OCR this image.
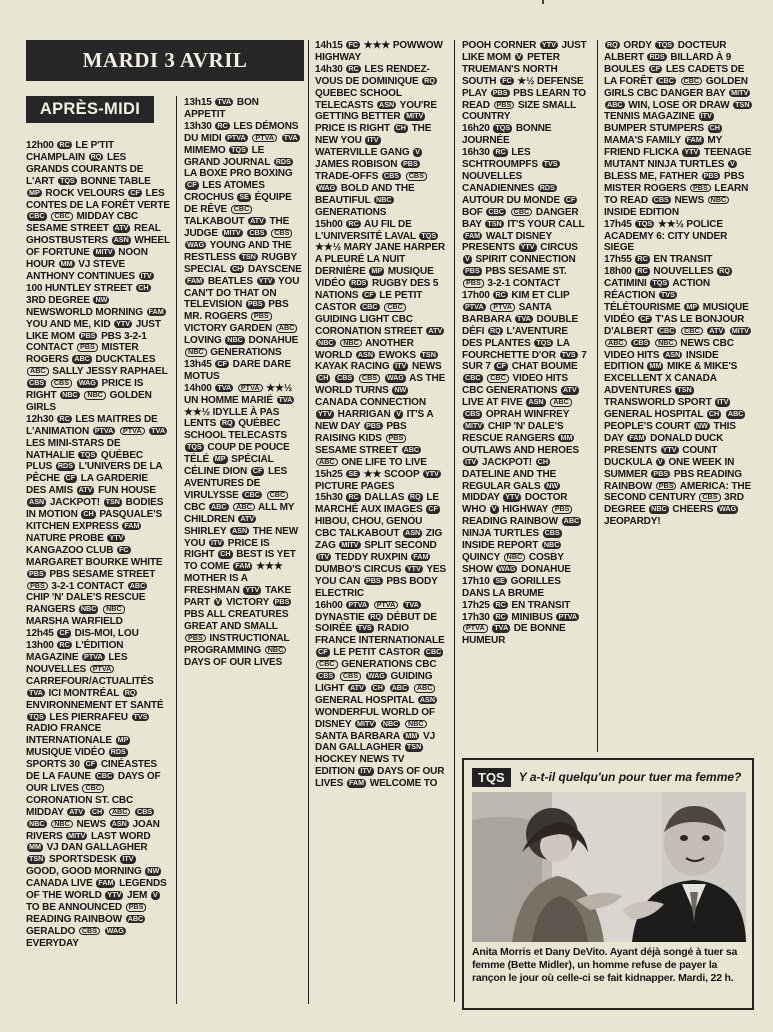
MARDI 3 AVRIL
APRÈS-MIDI

12h00 RC LE P'TIT CHAMPLAIN RQ LES GRANDS COURANTS DE L'ART TQS BONNE TABLE MP ROCK VELOURS CF LES CONTES DE LA FORÊT VERTE CBC CBC MIDDAY CBC SESAME STREET ATV REAL GHOSTBUSTERS ASN WHEEL OF FORTUNE MITV NOON HOUR MM VJ STEVE ANTHONY CONTINUES ITV 100 HUNTLEY STREET CH 3RD DEGREE NW NEWSWORLD MORNING FAM YOU AND ME, KID YTV JUST LIKE MOM PBS PBS 3-2-1 CONTACT PBS MISTER ROGERS ABC DUCKTALES ABC SALLY JESSY RAPHAEL CBS CBS WAG PRICE IS RIGHT NBC NBC GOLDEN GIRLS

12h30 RC LES MAITRES DE L'ANIMATION PTVA PTVA TVA LES MINI-STARS DE NATHALIE TQS QUÉBEC PLUS RDS L'UNIVERS DE LA PÊCHE CF LA GARDERIE DES AMIS ATV FUN HOUSE ASN JACKPOT! TSN BODIES IN MOTION CH PASQUALE'S KITCHEN EXPRESS FAM NATURE PROBE YTV KANGAZOO CLUB FC MARGARET BOURKE WHITE PBS PBS SESAME STREET PBS 3-2-1 CONTACT ABC CHIP 'N' DALE'S RESCUE RANGERS NBC NBC MARSHA WARFIELD

12h45 CF DIS-MOI, LOU

13h00 RC L'ÉDITION MAGAZINE PTVA LES NOUVELLES PTVA CARREFOUR/ACTUALITÉS TVA ICI MONTRÉAL RQ ENVIRONNEMENT ET SANTÉ TQS LES PIERRAFEU TVS RADIO FRANCE INTERNATIONALE MP MUSIQUE VIDÉO RDS SPORTS 30 CF CINÉASTES DE LA FAUNE CBC DAYS OF OUR LIVES CBC CORONATION ST. CBC MIDDAY ATV CH ABC CBS NBC NBC NEWS ASN JOAN RIVERS MITV LAST WORD MM VJ DAN GALLAGHER TSN SPORTSDESK ITV GOOD, GOOD MORNING NW CANADA LIVE FAM LEGENDS OF THE WORLD YTV JEM V TO BE ANNOUNCED PBS READING RAINBOW ABC GERALDO CBS WAG EVERYDAY

13h15 TVA BON APPETIT

13h30 RC LES DÉMONS DU MIDI PTVA PTVA TVA MIMEMO TQS LE GRAND JOURNAL RDS LA BOXE PRO BOXING CF LES ATOMES CROCHUS SE ÉQUIPE DE RÊVE CBC TALKABOUT ATV THE JUDGE MITV CBS CBS WAG YOUNG AND THE RESTLESS TSN RUGBY SPECIAL CH DAYSCENE FAM BEATLES YTV YOU CAN'T DO THAT ON TELEVISION PBS PBS MR. ROGERS PBS VICTORY GARDEN ABC LOVING NBC DONAHUE NBC GENERATIONS

13h45 CF DARE DARE MOTUS

14h00 TVA PTVA ★★½ UN HOMME MARIÉ TVA ★★½ IDYLLE À PAS LENTS RQ QUÉBEC SCHOOL TELECASTS TQS COUP DE POUCE TÉLÉ MP SPÉCIAL CÉLINE DION CF LES AVENTURES DE VIRULYSSE CBC CBC CBC ABC ABC ALL MY CHILDREN ATV SHIRLEY ASN THE NEW YOU ITV PRICE IS RIGHT CH BEST IS YET TO COME FAM ★★★ MOTHER IS A FRESHMAN YTV TAKE PART V VICTORY PBS PBS ALL CREATURES GREAT AND SMALL PBS INSTRUCTIONAL PROGRAMMING NBC DAYS OF OUR LIVES

14h15 FC ★★★ POWWOW HIGHWAY

14h30 RC LES RENDEZ-VOUS DE DOMINIQUE RQ QUEBEC SCHOOL TELECASTS ASN YOU'RE GETTING BETTER MITV PRICE IS RIGHT CH THE NEW YOU ITV WATERVILLE GANG V JAMES ROBISON PBS TRADE-OFFS CBS CBS WAG BOLD AND THE BEAUTIFUL NBC GENERATIONS

15h00 RC AU FIL DE L'UNIVERSITÉ LAVAL TQS ★★½ MARY JANE HARPER A PLEURÉ LA NUIT DERNIÈRE MP MUSIQUE VIDÉO RDS RUGBY DES 5 NATIONS CF LE PETIT CASTOR CBC CBC GUIDING LIGHT CBC CORONATION STREET ATV NBC NBC ANOTHER WORLD ASN EWOKS TSN KAYAK RACING ITV NEWS CH CBS CBS WAG AS THE WORLD TURNS NW CANADA CONNECTION YTV HARRIGAN V IT'S A NEW DAY PBS PBS RAISING KIDS PBS SESAME STREET ABC ABC ONE LIFE TO LIVE

15h25 SE ★★ SCOOP YTV PICTURE PAGES

15h30 RC DALLAS RQ LE MARCHÉ AUX IMAGES CF HIBOU, CHOU, GENOU CBC TALKABOUT ASN ZIG ZAG MITV SPLIT SECOND ITV TEDDY RUXPIN FAM DUMBO'S CIRCUS YTV YES YOU CAN PBS PBS BODY ELECTRIC

16h00 PTVA PTVA TVA DYNASTIE RQ DÉBUT DE SOIRÉE TVS RADIO FRANCE INTERNATIONALE CF LE PETIT CASTOR CBC CBC GENERATIONS CBC CBS CBS WAG GUIDING LIGHT ATV CH ABC ABC GENERAL HOSPITAL ASN WONDERFUL WORLD OF DISNEY MITV NBC NBC SANTA BARBARA MM VJ DAN GALLAGHER TSN HOCKEY NEWS TV EDITION ITV DAYS OF OUR LIVES FAM WELCOME TO

POOH CORNER YTV JUST LIKE MOM V PETER TRUEMAN'S NORTH SOUTH FC ★½ DEFENSE PLAY PBS PBS LEARN TO READ PBS SIZE SMALL COUNTRY

16h20 TQS BONNE JOURNÉE

16h30 RC LES SCHTROUMPFS TVS NOUVELLES CANADIENNES RDS AUTOUR DU MONDE CF BOF CBC CBC DANGER BAY TSN IT'S YOUR CALL FAM WALT DISNEY PRESENTS YTV CIRCUS V SPIRIT CONNECTION PBS PBS SESAME ST. PBS 3-2-1 CONTACT

17h00 RC KIM ET CLIP PTVA PTVA SANTA BARBARA TVA DOUBLE DÉFI RQ L'AVENTURE DES PLANTES TQS LA FOURCHETTE D'OR TVS 7 SUR 7 CF CHAT BOUME CBC CBC VIDEO HITS CBC GENERATIONS ATV LIVE AT FIVE ASN ABC CBS OPRAH WINFREY MITV CHIP 'N' DALE'S RESCUE RANGERS MM OUTLAWS AND HEROES ITV JACKPOT! CH DATELINE AND THE REGULAR GALS NW MIDDAY YTV DOCTOR WHO V HIGHWAY PBS READING RAINBOW ABC NINJA TURTLES CBS INSIDE REPORT NBC QUINCY NBC COSBY SHOW WAG DONAHUE

17h10 SE GORILLES DANS LA BRUME

17h25 RC EN TRANSIT

17h30 RC MINIBUS PTVA PTVA TVA DE BONNE HUMEUR

RQ ORDY TQS DOCTEUR ALBERT RDS BILLARD À 9 BOULES CF LES CADETS DE LA FORÊT CBC CBC GOLDEN GIRLS CBC DANGER BAY MITV ABC WIN, LOSE OR DRAW TSN TENNIS MAGAZINE ITV BUMPER STUMPERS CH MAMA'S FAMILY FAM MY FRIEND FLICKA YTV TEENAGE MUTANT NINJA TURTLES V BLESS ME, FATHER PBS PBS MISTER ROGERS PBS LEARN TO READ CBS NEWS NBC INSIDE EDITION

17h45 TQS ★★½ POLICE ACADEMY 6: CITY UNDER SIEGE

17h55 RC EN TRANSIT

18h00 RC NOUVELLES RQ CATIMINI TQS ACTION RÉACTION TVS TÉLÉTOURISME MP MUSIQUE VIDÉO CF T'AS LE BONJOUR D'ALBERT CBC CBC ATV MITV ABC CBS NBC NEWS CBC VIDEO HITS ASN INSIDE EDITION MM MIKE & MIKE'S EXCELLENT X CANADA ADVENTURES TSN TRANSWORLD SPORT ITV GENERAL HOSPITAL CH ABC PEOPLE'S COURT NW THIS DAY FAM DONALD DUCK PRESENTS YTV COUNT DUCKULA V ONE WEEK IN SUMMER PBS PBS READING RAINBOW PBS AMERICA: THE SECOND CENTURY CBS 3RD DEGREE NBC CHEERS WAG JEOPARDY!

TQS	Y a-t-il quelqu'un pour tuer ma femme?
Anita Morris et Dany DeVito. Ayant déjà songé à tuer sa femme (Bette Midler), un homme refuse de payer la rançon le jour où celle-ci se fait kidnapper. Mardi, 22 h.
